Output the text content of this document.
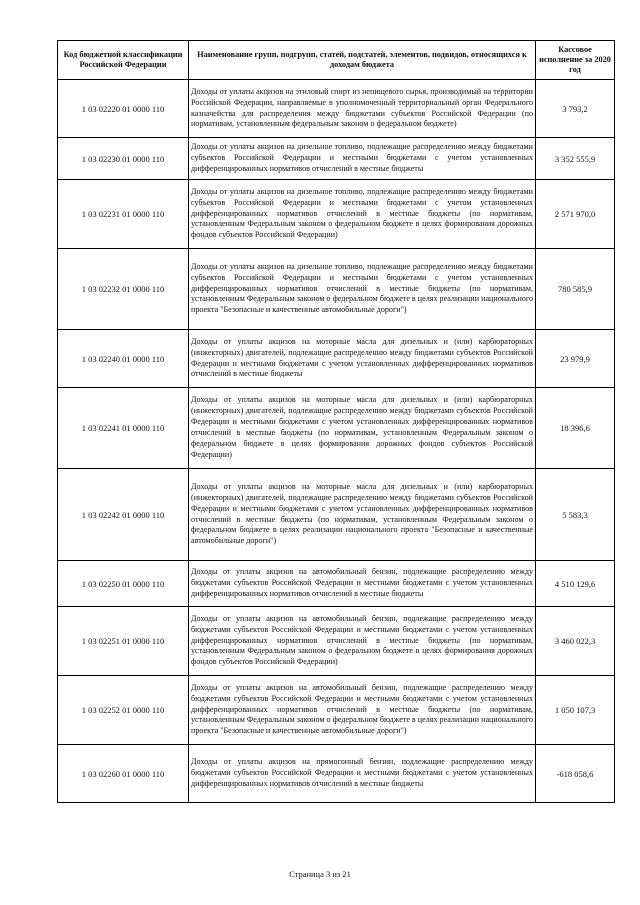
Код бюджетной классификации Российской Федерации	Наименование групп, подгрупп, статей, подстатей, элементов, подвидов, относящихся к доходам бюджета	Кассовое исполнение за 2020 год
1 03 02220 01 0000 110	Доходы от уплаты акцизов на этиловый спирт из непищевого сырья, производимый на территории Российской Федерации, направляемые в уполномоченный территориальный орган Федерального казначейства для распределения между бюджетами субъектов Российской Федерации (по нормативам, установленным федеральным законом о федеральном бюджете)	3 793,2
1 03 02230 01 0000 110	Доходы от уплаты акцизов на дизельное топливо, подлежащие распределению между бюджетами субъектов Российской Федерации и местными бюджетами с учетом установленных дифференцированных нормативов отчислений в местные бюджеты	3 352 555,9
1 03 02231 01 0000 110	Доходы от уплаты акцизов на дизельное топливо, подлежащие распределению между бюджетами субъектов Российской Федерации и местными бюджетами с учетом установленных дифференцированных нормативов отчислений в местные бюджеты (по нормативам, установленным Федеральным законом о федеральном бюджете в целях формирования дорожных фондов субъектов Российской Федерации)	2 571 970,0
1 03 02232 01 0000 110	Доходы от уплаты акцизов на дизельное топливо, подлежащие распределению между бюджетами субъектов Российской Федерации и местными бюджетами с учетом установленных дифференцированных нормативов отчислений в местные бюджеты (по нормативам, установленным Федеральным законом о федеральном бюджете в целях реализации национального проекта "Безопасные и качественные автомобильные дороги")	780 585,9
1 03 02240 01 0000 110	Доходы от уплаты акцизов на моторные масла для дизельных и (или) карбюраторных (инжекторных) двигателей, подлежащие распределению между бюджетами субъектов Российской Федерации и местными бюджетами с учетом установленных дифференцированных нормативов отчислений в местные бюджеты	23 979,9
1 03 02241 01 0000 110	Доходы от уплаты акцизов на моторные масла для дизельных и (или) карбюраторных (инжекторных) двигателей, подлежащие распределению между бюджетами субъектов Российской Федерации и местными бюджетами с учетом установленных дифференцированных нормативов отчислений в местные бюджеты (по нормативам, установленным Федеральным законом о федеральном бюджете в целях формирования дорожных фондов субъектов Российской Федерации)	18 396,6
1 03 02242 01 0000 110	Доходы от уплаты акцизов на моторные масла для дизельных и (или) карбюраторных (инжекторных) двигателей, подлежащие распределению между бюджетами субъектов Российской Федерации и местными бюджетами с учетом установленных дифференцированных нормативов отчислений в местные бюджеты (по нормативам, установленным Федеральным законом о федеральном бюджете в целях реализации национального проекта "Безопасные и качественные автомобильные дороги")	5 583,3
1 03 02250 01 0000 110	Доходы от уплаты акцизов на автомобильный бензин, подлежащие распределению между бюджетами субъектов Российской Федерации и местными бюджетами с учетом установленных дифференцированных нормативов отчислений в местные бюджеты	4 510 129,6
1 03 02251 01 0000 110	Доходы от уплаты акцизов на автомобильный бензин, подлежащие распределению между бюджетами субъектов Российской Федерации и местными бюджетами с учетом установленных дифференцированных нормативов отчислений в местные бюджеты (по нормативам, установленным Федеральным законом о федеральном бюджете в целях формирования дорожных фондов субъектов Российской Федерации)	3 460 022,3
1 03 02252 01 0000 110	Доходы от уплаты акцизов на автомобильный бензин, подлежащие распределению между бюджетами субъектов Российской Федерации и местными бюджетами с учетом установленных дифференцированных нормативов отчислений в местные бюджеты (по нормативам, установленным Федеральным законом о федеральном бюджете в целях реализации национального проекта "Безопасные и качественные автомобильные дороги")	1 050 107,3
1 03 02260 01 0000 110	Доходы от уплаты акцизов на прямогонный бензин, подлежащие распределению между бюджетами субъектов Российской Федерации и местными бюджетами с учетом установленных дифференцированных нормативов отчислений в местные бюджеты	-618 058,6
Страница 3 из 21
